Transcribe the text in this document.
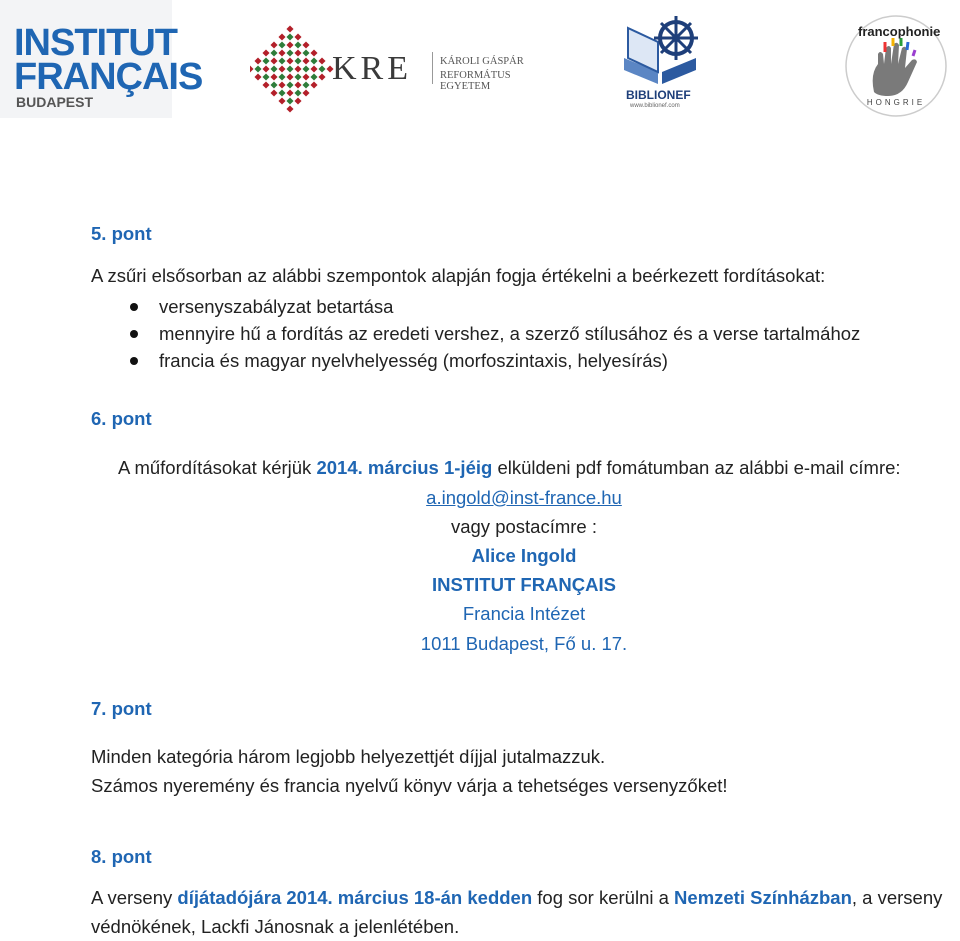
INSTITUT
FRANÇAIS
BUDAPEST
KRE	KÁROLI GÁSPÁR
REFORMÁTUS EGYETEM
BIBLIONEF
www.biblionef.com
francophonie
HONGRIE
5. pont
A zsűri elsősorban az alábbi szempontok alapján fogja értékelni a beérkezett fordításokat:
versenyszabályzat betartása
mennyire hű a fordítás az eredeti vershez, a szerző stílusához és a verse tartalmához
francia és magyar nyelvhelyesség (morfoszintaxis, helyesírás)
6. pont
A műfordításokat kérjük 2014. március 1-jéig elküldeni pdf fomátumban az alábbi e-mail címre:
a.ingold@inst-france.hu
vagy postacímre :
Alice Ingold
INSTITUT FRANÇAIS
Francia Intézet
1011 Budapest, Fő u. 17.
7. pont
Minden kategória három legjobb helyezettjét díjjal jutalmazzuk.
Számos nyeremény és francia nyelvű könyv várja a tehetséges versenyzőket!
8. pont
A verseny díjátadójára 2014. március 18-án kedden fog sor kerülni a Nemzeti Színházban, a verseny
védnökének, Lackfi Jánosnak a jelenlétében.
